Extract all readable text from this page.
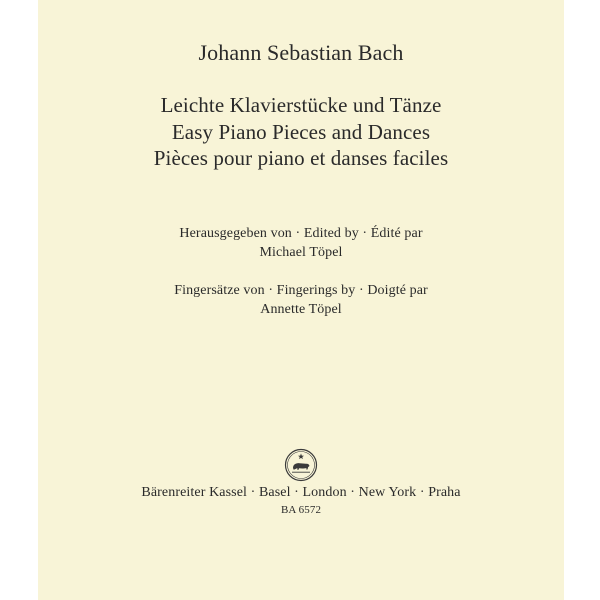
Johann Sebastian Bach
Leichte Klavierstücke und Tänze
Easy Piano Pieces and Dances
Pièces pour piano et danses faciles
Herausgegeben von · Edited by · Édité par
Michael Töpel
Fingersätze von · Fingerings by · Doigté par
Annette Töpel
Bärenreiter Kassel · Basel · London · New York · Praha
BA 6572
